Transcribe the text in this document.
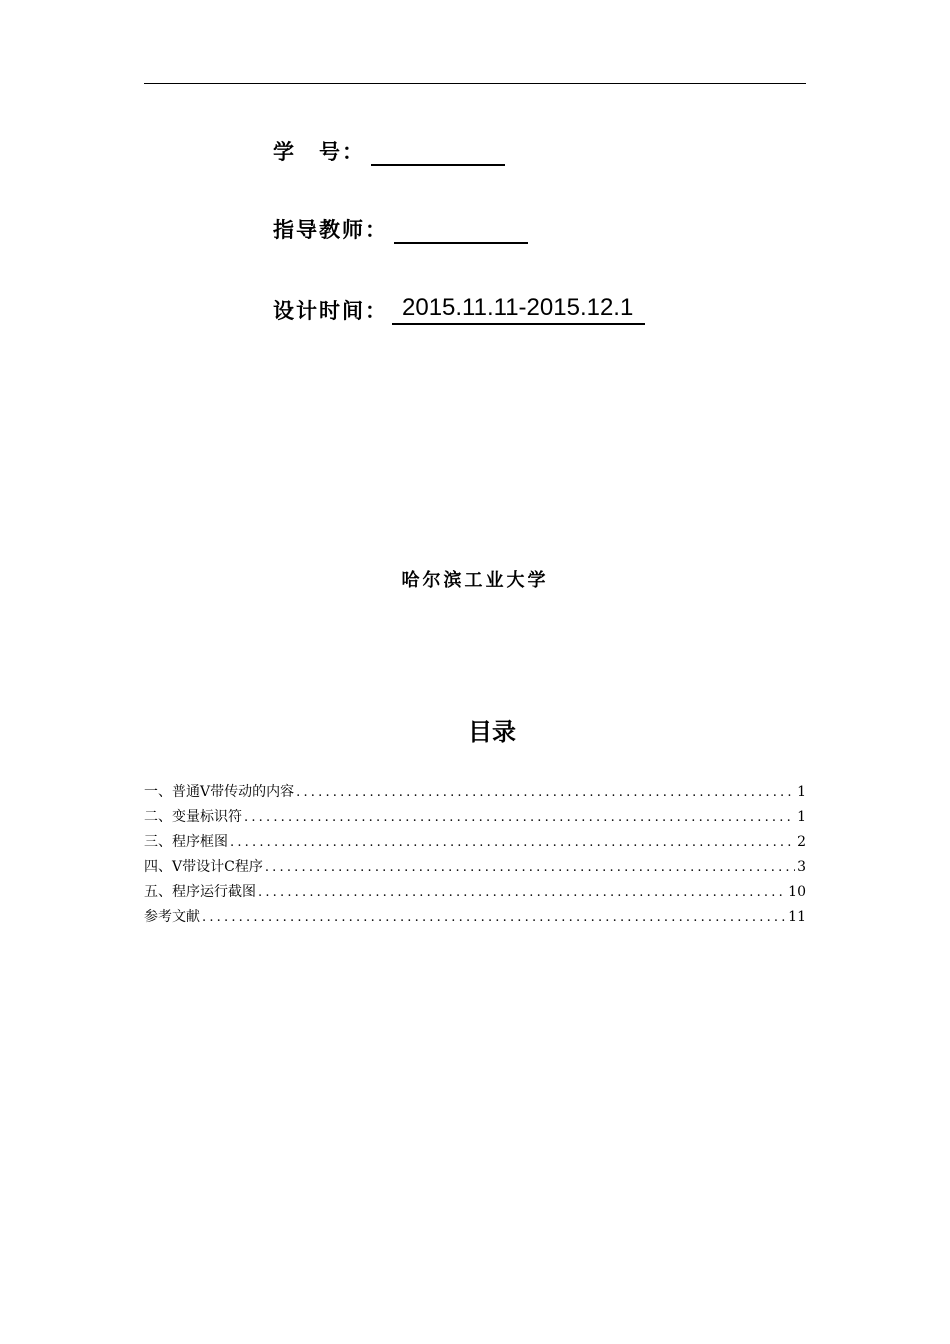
学　号：
指导教师：
设计时间： 2015.11.11-2015.12.1
哈尔滨工业大学
目录
一、普通V带传动的内容 .....	1
二、变量标识符 .....	1
三、程序框图 .....	2
四、V带设计C程序 .....	3
五、程序运行截图 .....	10
参考文献 .....	11
